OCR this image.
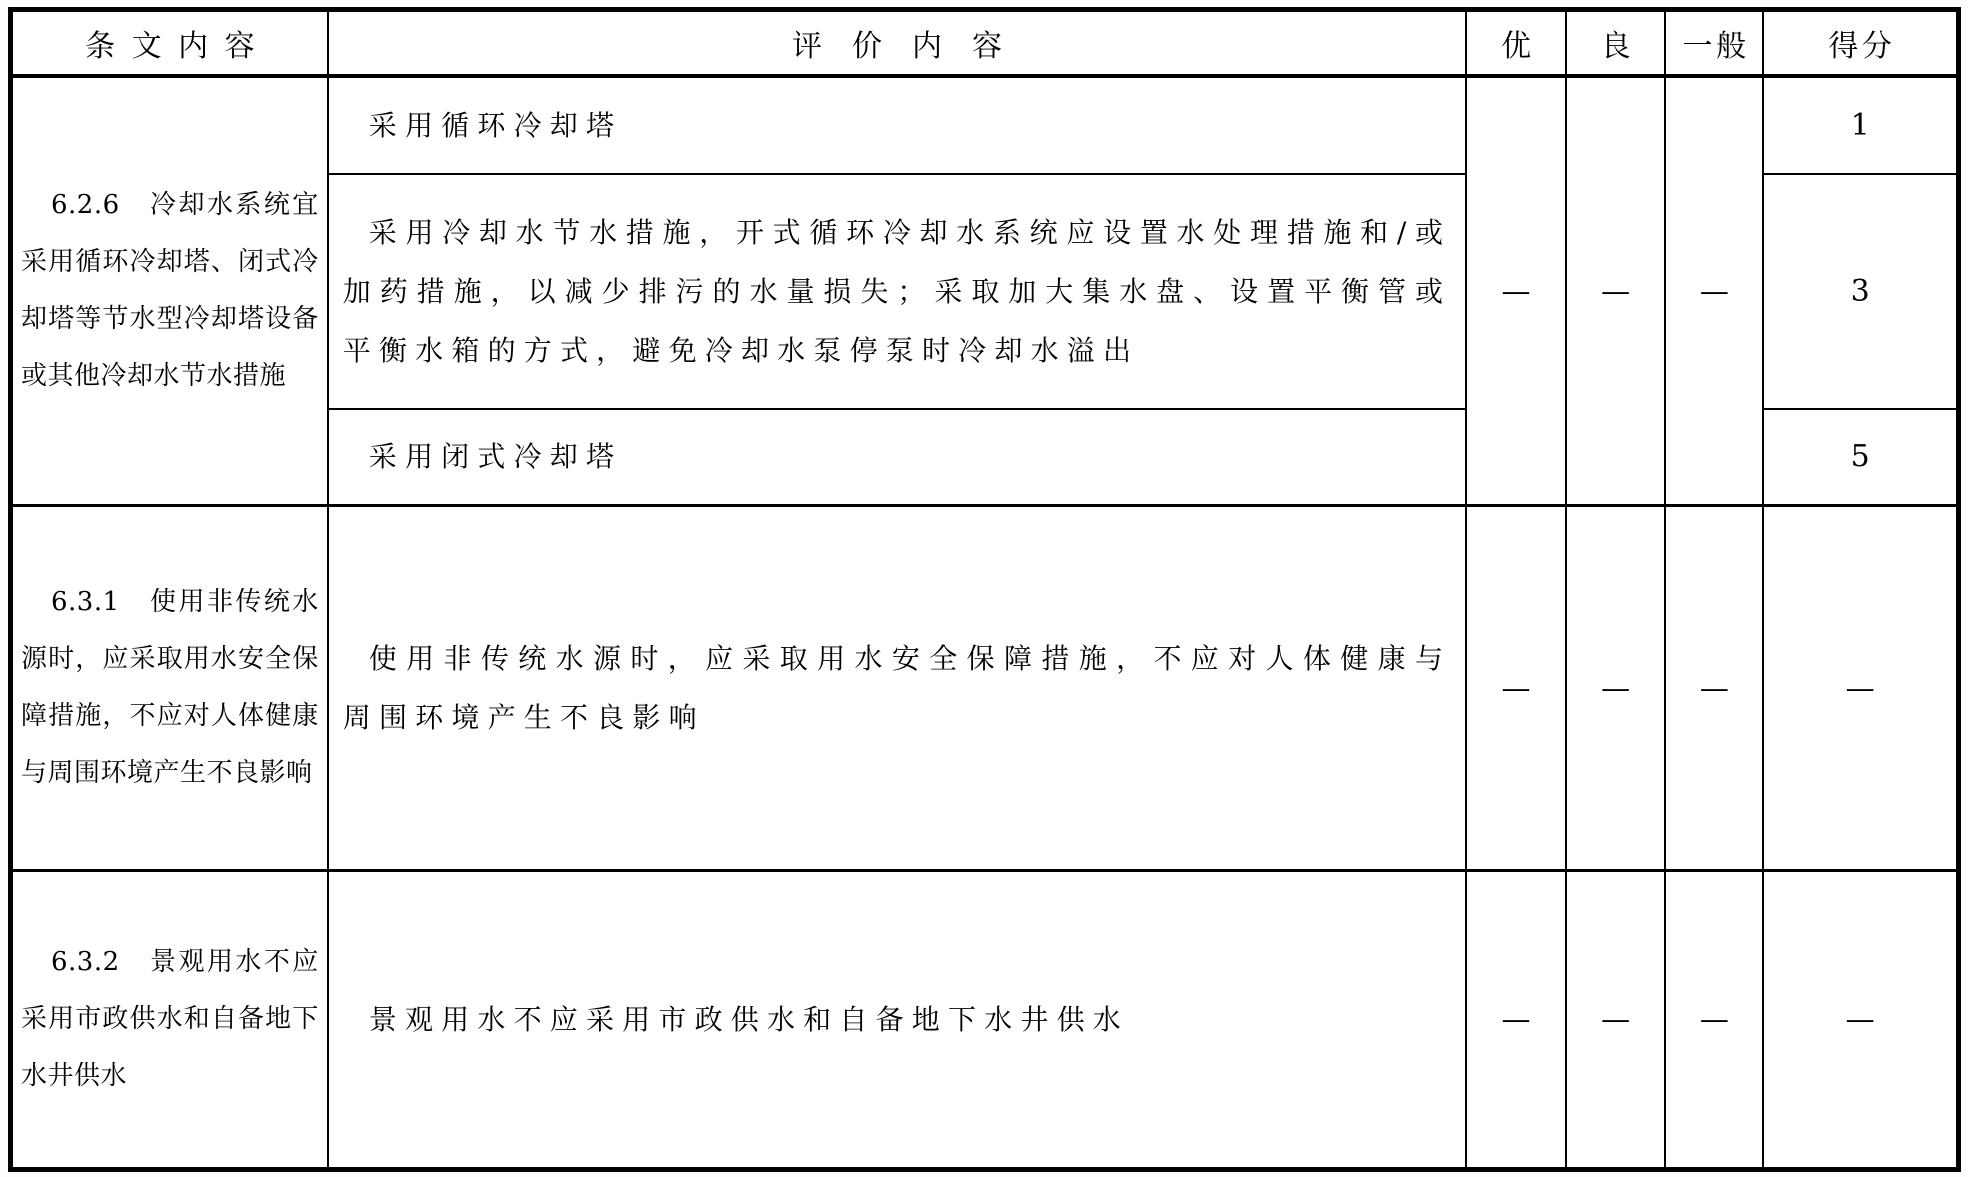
条文内容	评价内容	优	良	一般	得分

6.2.6　冷却水系统宜采用循环冷却塔、闭式冷却塔等节水型冷却塔设备或其他冷却水节水措施	采用循环冷却塔	—	—	—	1

	采用冷却水节水措施，开式循环冷却水系统应设置水处理措施和/或加药措施，以减少排污的水量损失；采取加大集水盘、设置平衡管或平衡水箱的方式，避免冷却水泵停泵时冷却水溢出				3

	采用闭式冷却塔				5

6.3.1　使用非传统水源时，应采取用水安全保障措施，不应对人体健康与周围环境产生不良影响	使用非传统水源时，应采取用水安全保障措施，不应对人体健康与周围环境产生不良影响	—	—	—	—

6.3.2　景观用水不应采用市政供水和自备地下水井供水	景观用水不应采用市政供水和自备地下水井供水	—	—	—	—
